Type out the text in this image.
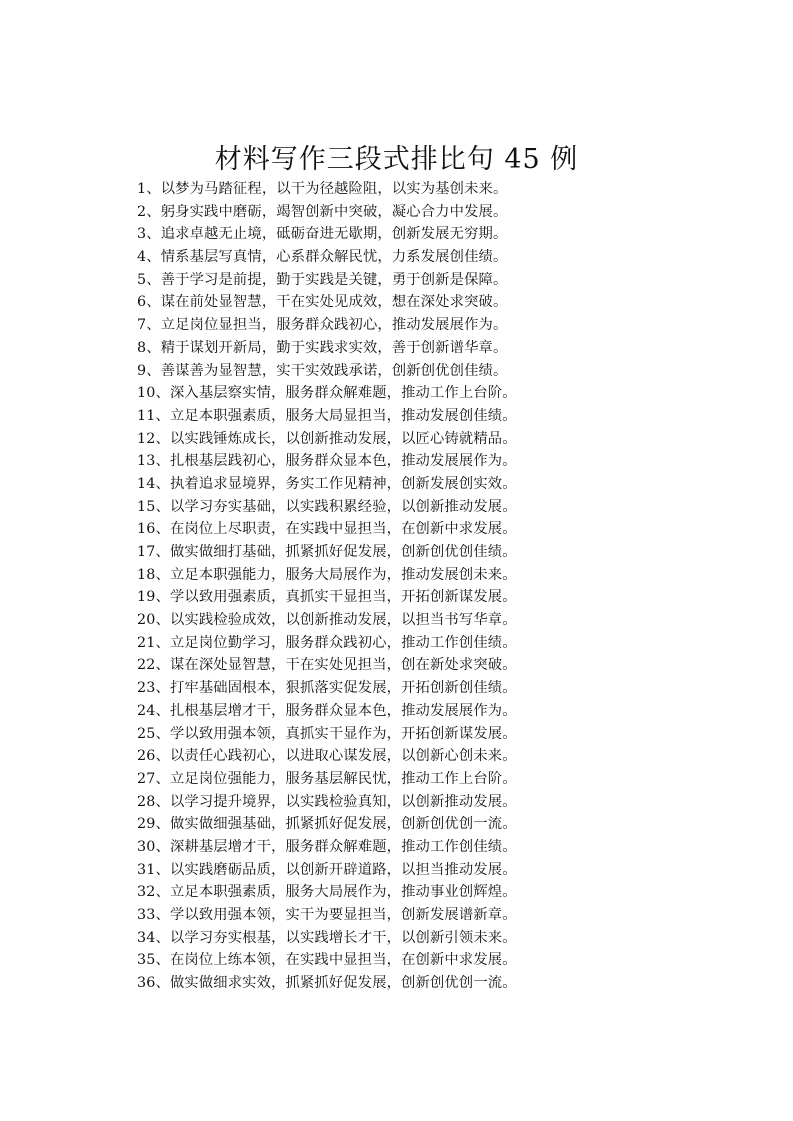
材料写作三段式排比句 45 例
1、以梦为马踏征程，以干为径越险阻，以实为基创未来。
2、躬身实践中磨砺，竭智创新中突破，凝心合力中发展。
3、追求卓越无止境，砥砺奋进无歇期，创新发展无穷期。
4、情系基层写真情，心系群众解民忧，力系发展创佳绩。
5、善于学习是前提，勤于实践是关键，勇于创新是保障。
6、谋在前处显智慧，干在实处见成效，想在深处求突破。
7、立足岗位显担当，服务群众践初心，推动发展展作为。
8、精于谋划开新局，勤于实践求实效，善于创新谱华章。
9、善谋善为显智慧，实干实效践承诺，创新创优创佳绩。
10、深入基层察实情，服务群众解难题，推动工作上台阶。
11、立足本职强素质，服务大局显担当，推动发展创佳绩。
12、以实践锤炼成长，以创新推动发展，以匠心铸就精品。
13、扎根基层践初心，服务群众显本色，推动发展展作为。
14、执着追求显境界，务实工作见精神，创新发展创实效。
15、以学习夯实基础，以实践积累经验，以创新推动发展。
16、在岗位上尽职责，在实践中显担当，在创新中求发展。
17、做实做细打基础，抓紧抓好促发展，创新创优创佳绩。
18、立足本职强能力，服务大局展作为，推动发展创未来。
19、学以致用强素质，真抓实干显担当，开拓创新谋发展。
20、以实践检验成效，以创新推动发展，以担当书写华章。
21、立足岗位勤学习，服务群众践初心，推动工作创佳绩。
22、谋在深处显智慧，干在实处见担当，创在新处求突破。
23、打牢基础固根本，狠抓落实促发展，开拓创新创佳绩。
24、扎根基层增才干，服务群众显本色，推动发展展作为。
25、学以致用强本领，真抓实干显作为，开拓创新谋发展。
26、以责任心践初心，以进取心谋发展，以创新心创未来。
27、立足岗位强能力，服务基层解民忧，推动工作上台阶。
28、以学习提升境界，以实践检验真知，以创新推动发展。
29、做实做细强基础，抓紧抓好促发展，创新创优创一流。
30、深耕基层增才干，服务群众解难题，推动工作创佳绩。
31、以实践磨砺品质，以创新开辟道路，以担当推动发展。
32、立足本职强素质，服务大局展作为，推动事业创辉煌。
33、学以致用强本领，实干为要显担当，创新发展谱新章。
34、以学习夯实根基，以实践增长才干，以创新引领未来。
35、在岗位上练本领，在实践中显担当，在创新中求发展。
36、做实做细求实效，抓紧抓好促发展，创新创优创一流。
